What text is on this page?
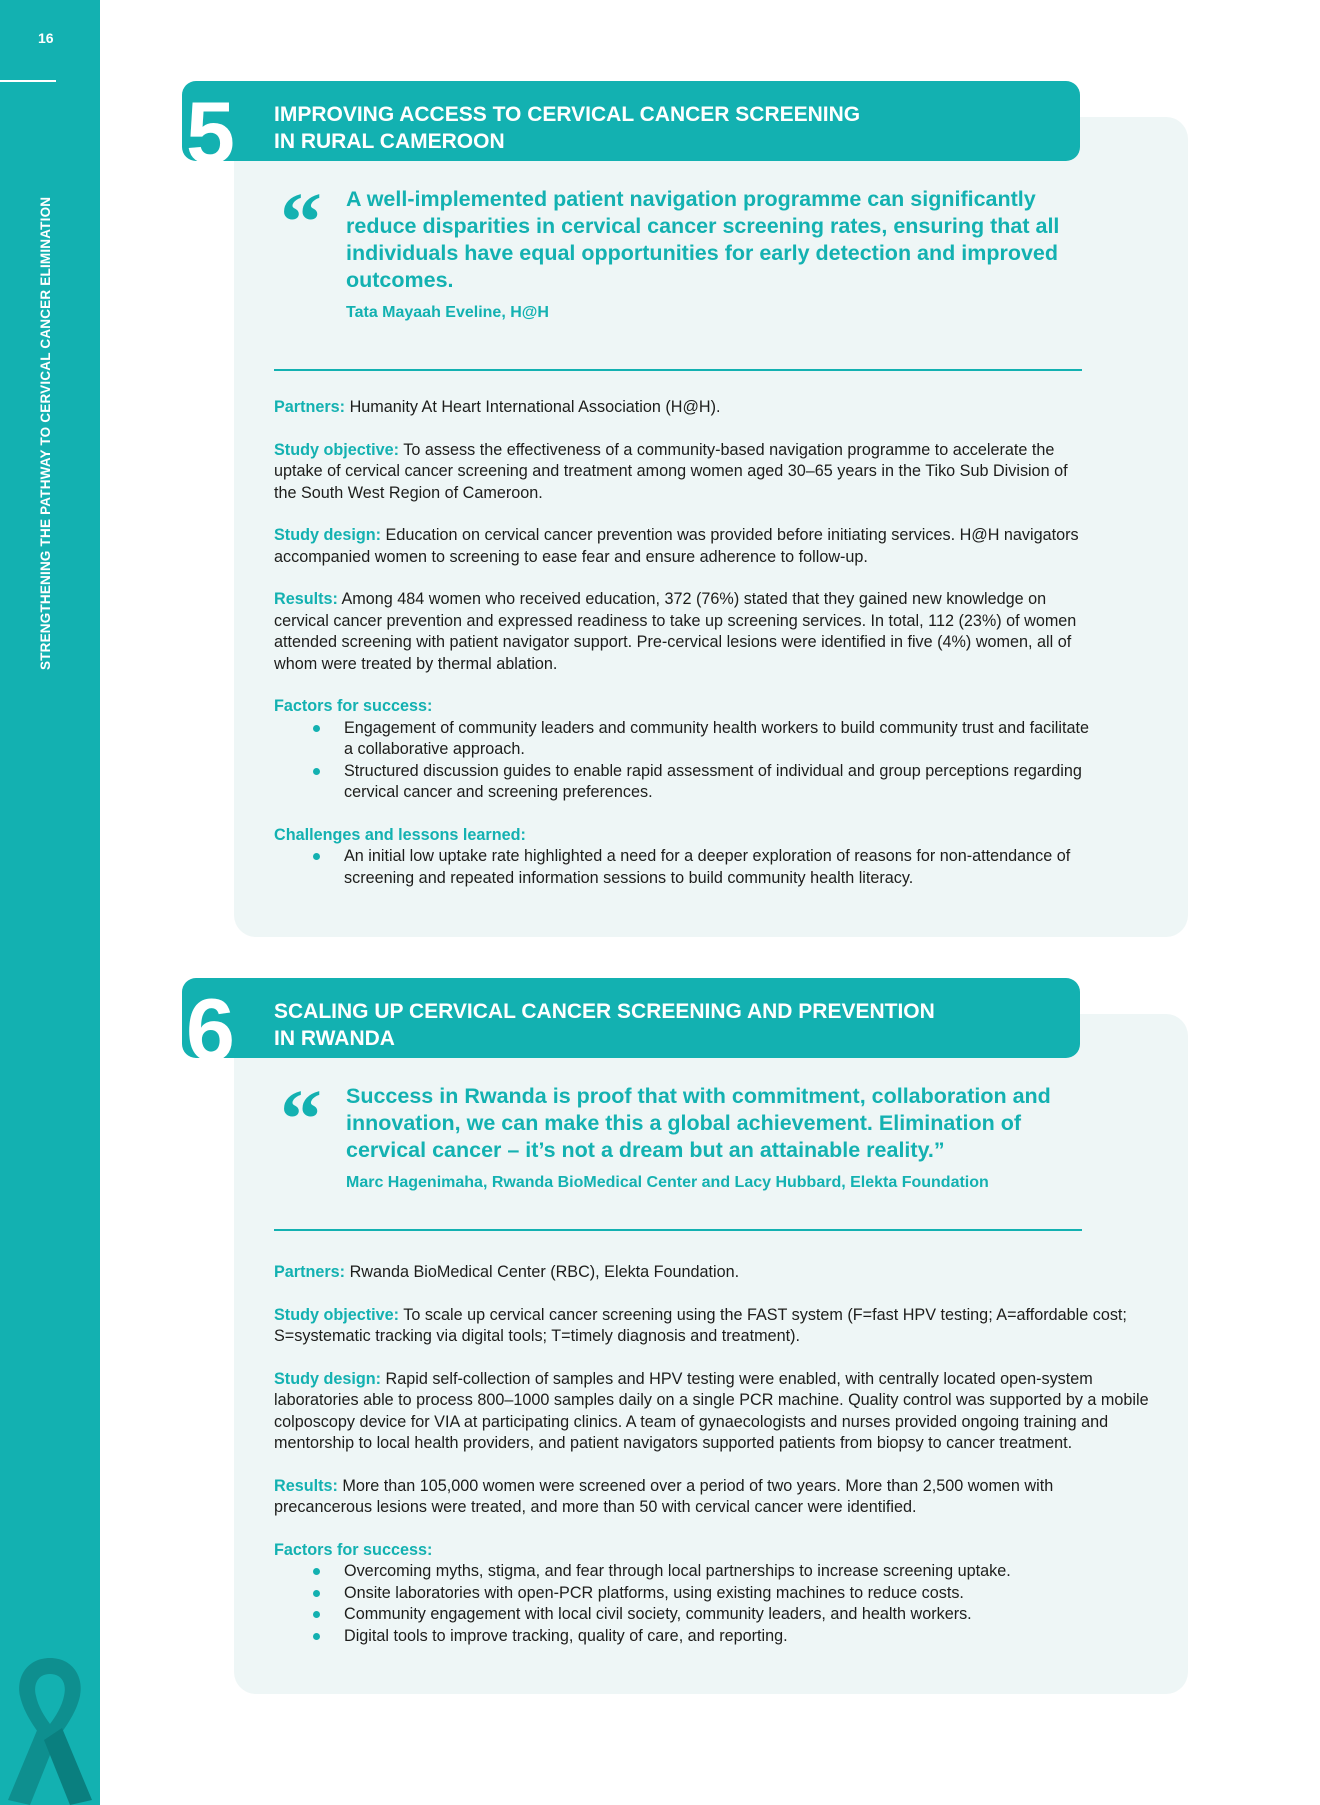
16
STRENGTHENING THE PATHWAY TO CERVICAL CANCER ELIMINATION
5 IMPROVING ACCESS TO CERVICAL CANCER SCREENING
IN RURAL CAMEROON
“ A well-implemented patient navigation programme can significantly reduce disparities in cervical cancer screening rates, ensuring that all individuals have equal opportunities for early detection and improved outcomes.
Tata Mayaah Eveline, H@H

Partners: Humanity At Heart International Association (H@H).

Study objective: To assess the effectiveness of a community-based navigation programme to accelerate the uptake of cervical cancer screening and treatment among women aged 30–65 years in the Tiko Sub Division of the South West Region of Cameroon.

Study design: Education on cervical cancer prevention was provided before initiating services. H@H navigators accompanied women to screening to ease fear and ensure adherence to follow-up.

Results: Among 484 women who received education, 372 (76%) stated that they gained new knowledge on cervical cancer prevention and expressed readiness to take up screening services. In total, 112 (23%) of women attended screening with patient navigator support. Pre-cervical lesions were identified in five (4%) women, all of whom were treated by thermal ablation.

Factors for success:
Engagement of community leaders and community health workers to build community trust and facilitate a collaborative approach.
Structured discussion guides to enable rapid assessment of individual and group perceptions regarding cervical cancer and screening preferences.
Challenges and lessons learned:
An initial low uptake rate highlighted a need for a deeper exploration of reasons for non-attendance of screening and repeated information sessions to build community health literacy.
6 SCALING UP CERVICAL CANCER SCREENING AND PREVENTION
IN RWANDA
“ Success in Rwanda is proof that with commitment, collaboration and innovation, we can make this a global achievement. Elimination of cervical cancer – it’s not a dream but an attainable reality.”
Marc Hagenimaha, Rwanda BioMedical Center and Lacy Hubbard, Elekta Foundation

Partners: Rwanda BioMedical Center (RBC), Elekta Foundation.

Study objective: To scale up cervical cancer screening using the FAST system (F=fast HPV testing; A=affordable cost; S=systematic tracking via digital tools; T=timely diagnosis and treatment).

Study design: Rapid self-collection of samples and HPV testing were enabled, with centrally located open-system laboratories able to process 800–1000 samples daily on a single PCR machine. Quality control was supported by a mobile colposcopy device for VIA at participating clinics. A team of gynaecologists and nurses provided ongoing training and mentorship to local health providers, and patient navigators supported patients from biopsy to cancer treatment.

Results: More than 105,000 women were screened over a period of two years. More than 2,500 women with precancerous lesions were treated, and more than 50 with cervical cancer were identified.

Factors for success:
Overcoming myths, stigma, and fear through local partnerships to increase screening uptake.
Onsite laboratories with open-PCR platforms, using existing machines to reduce costs.
Community engagement with local civil society, community leaders, and health workers.
Digital tools to improve tracking, quality of care, and reporting.
